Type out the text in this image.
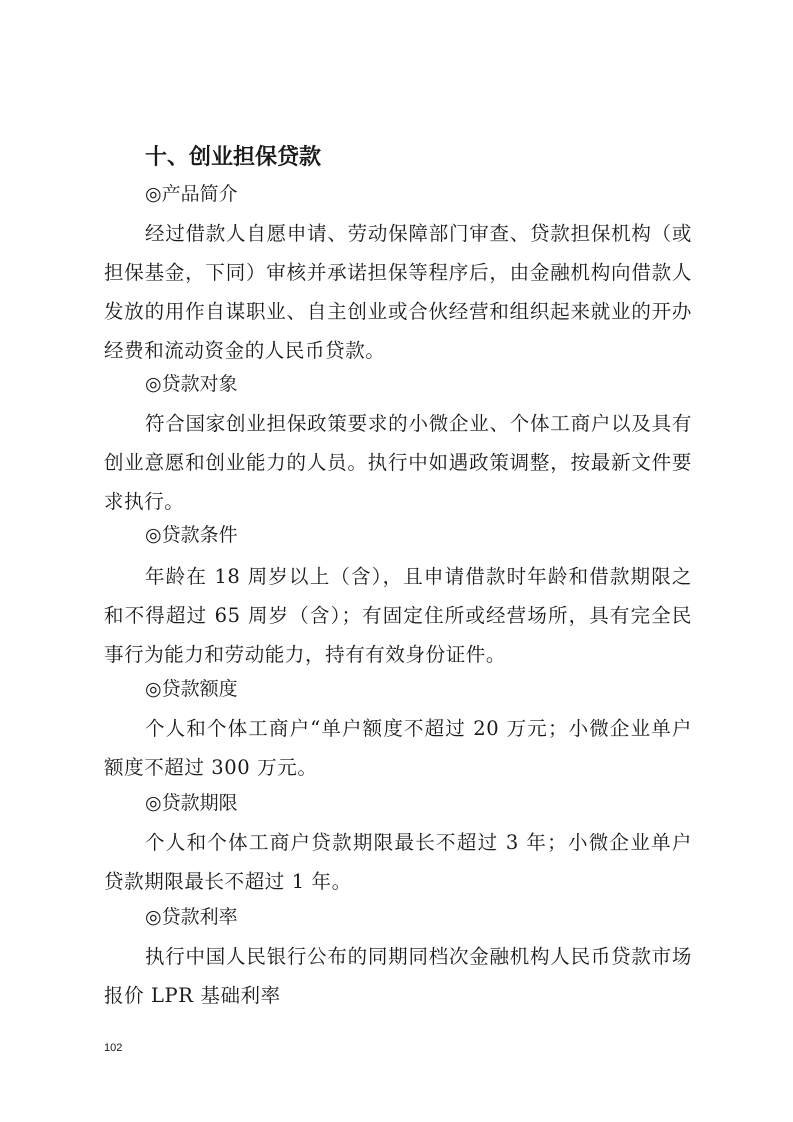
十、创业担保贷款
◎产品简介

经过借款人自愿申请、劳动保障部门审查、贷款担保机构（或担保基金，下同）审核并承诺担保等程序后，由金融机构向借款人发放的用作自谋职业、自主创业或合伙经营和组织起来就业的开办经费和流动资金的人民币贷款。

◎贷款对象

符合国家创业担保政策要求的小微企业、个体工商户以及具有创业意愿和创业能力的人员。执行中如遇政策调整，按最新文件要求执行。

◎贷款条件

年龄在 18 周岁以上（含），且申请借款时年龄和借款期限之和不得超过 65 周岁（含）；有固定住所或经营场所，具有完全民事行为能力和劳动能力，持有有效身份证件。

◎贷款额度

个人和个体工商户“单户额度不超过 20 万元；小微企业单户额度不超过 300 万元。

◎贷款期限

个人和个体工商户贷款期限最长不超过 3 年；小微企业单户贷款期限最长不超过 1 年。

◎贷款利率

执行中国人民银行公布的同期同档次金融机构人民币贷款市场报价 LPR 基础利率

102
